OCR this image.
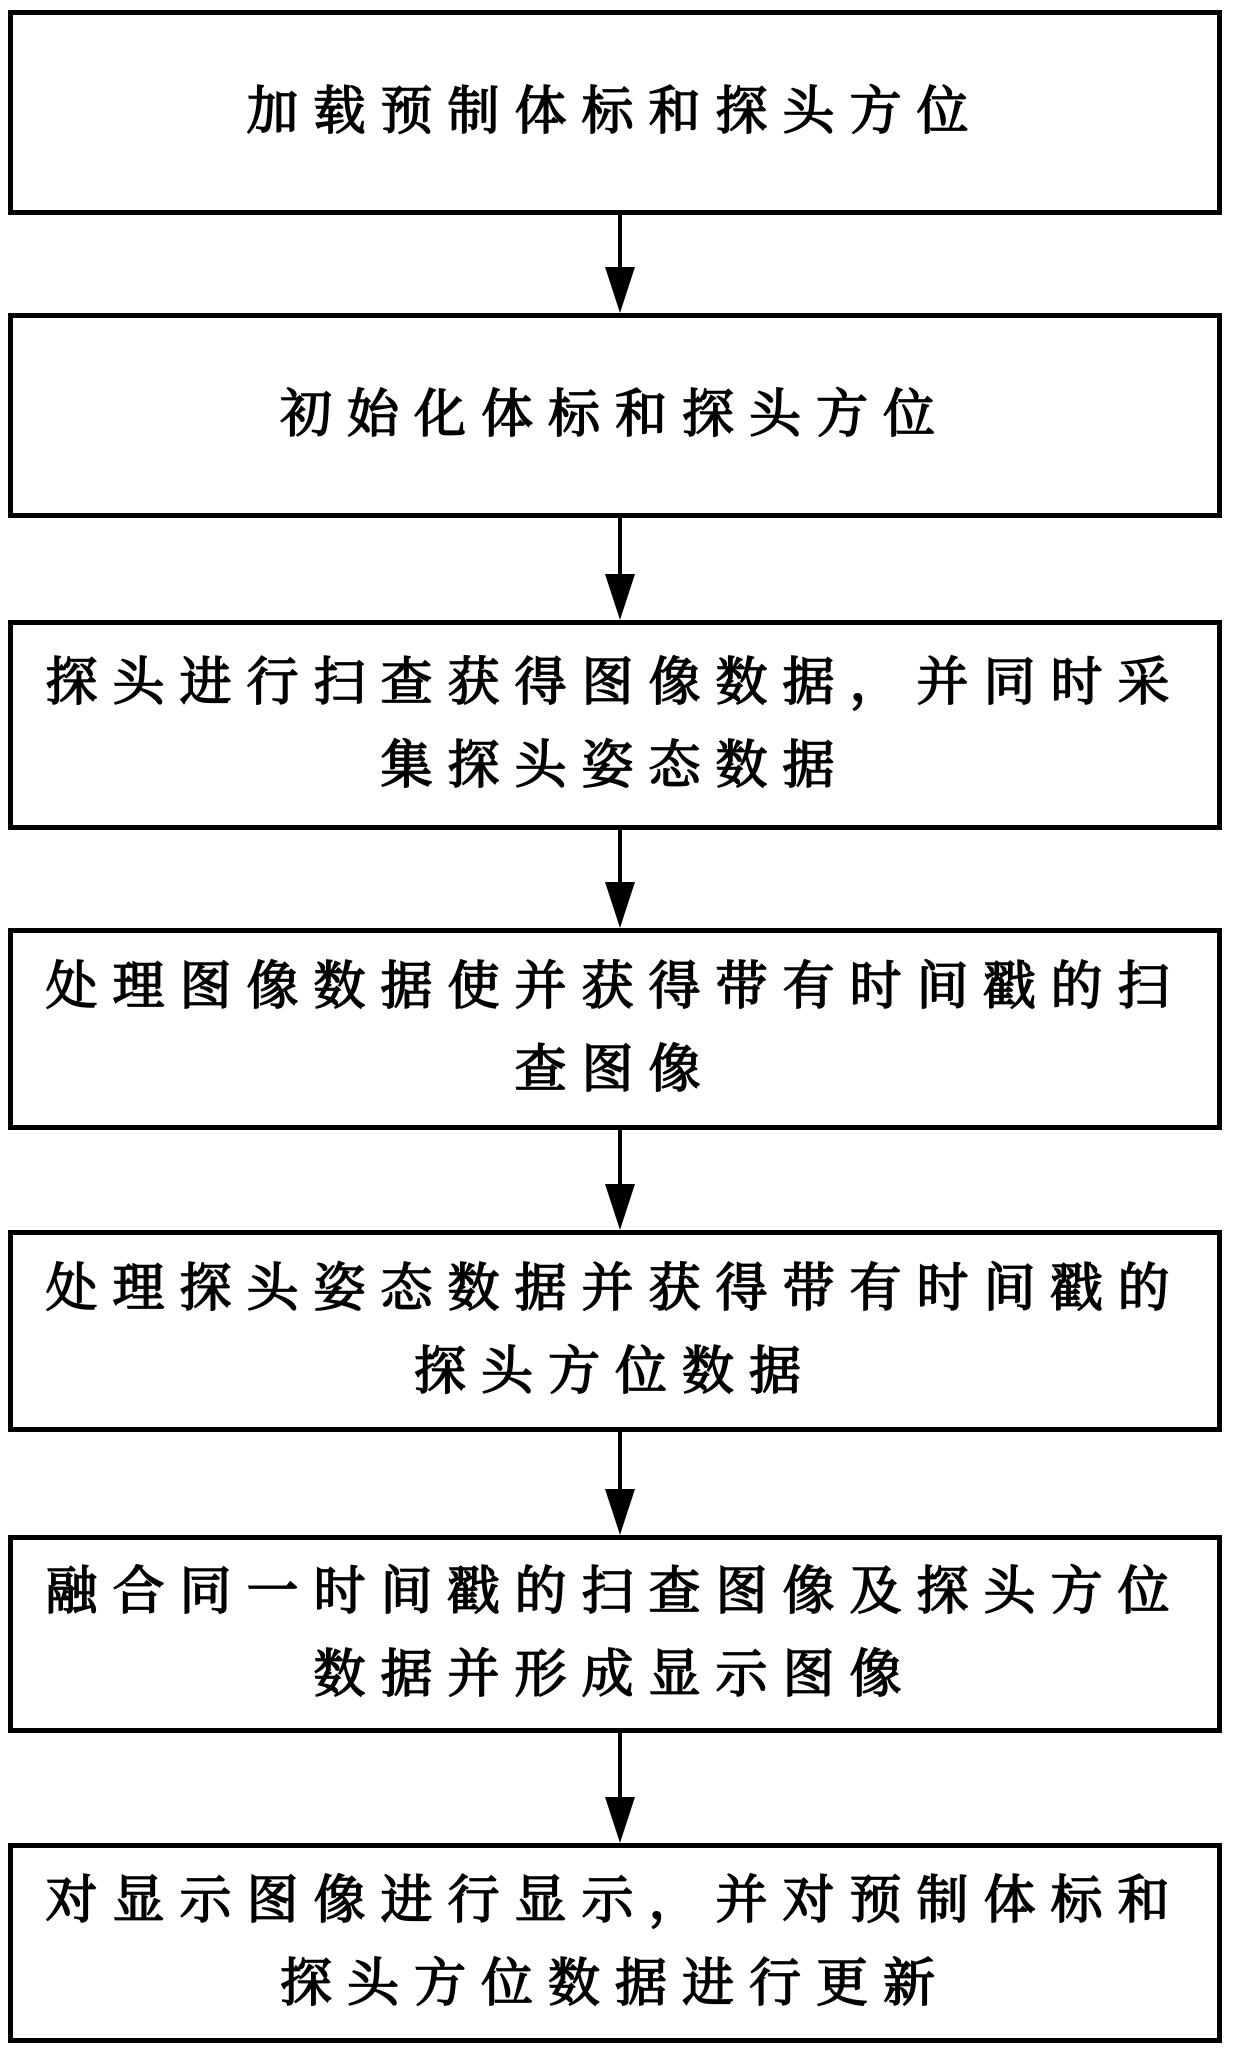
加载预制体标和探头方位
初始化体标和探头方位
探头进行扫查获得图像数据，并同时采
集探头姿态数据
处理图像数据使并获得带有时间戳的扫
查图像
处理探头姿态数据并获得带有时间戳的
探头方位数据
融合同一时间戳的扫查图像及探头方位
数据并形成显示图像
对显示图像进行显示，并对预制体标和
探头方位数据进行更新
